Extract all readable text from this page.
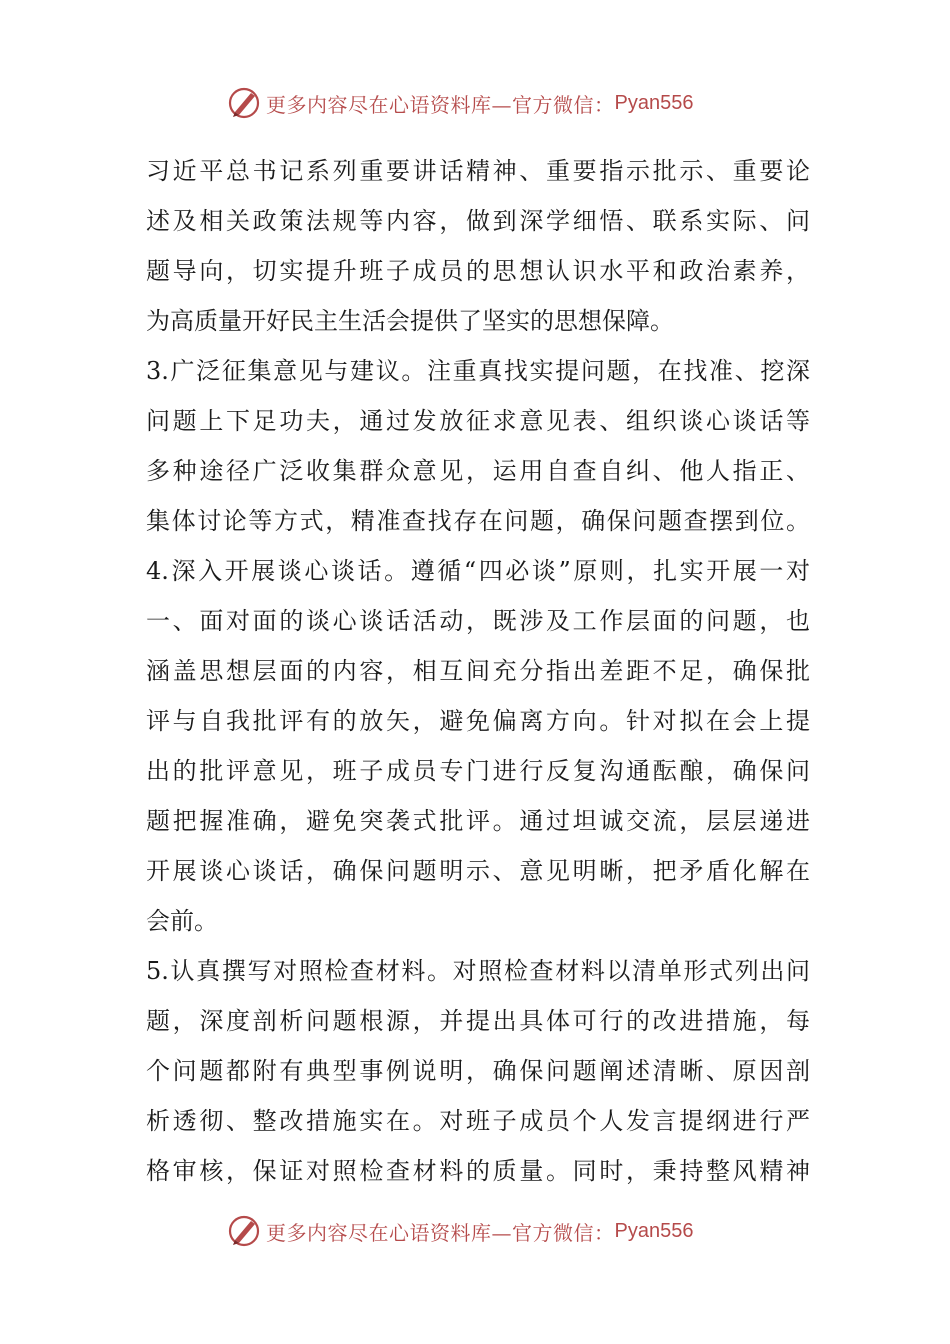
更多内容尽在心语资料库—官方微信： Pyan556
习近平总书记系列重要讲话精神、重要指示批示、重要论
述及相关政策法规等内容，做到深学细悟、联系实际、问
题导向，切实提升班子成员的思想认识水平和政治素养，
为高质量开好民主生活会提供了坚实的思想保障。
3.广泛征集意见与建议。注重真找实提问题，在找准、挖深
问题上下足功夫，通过发放征求意见表、组织谈心谈话等
多种途径广泛收集群众意见，运用自查自纠、他人指正、
集体讨论等方式，精准查找存在问题，确保问题查摆到位。
4.深入开展谈心谈话。遵循“四必谈”原则，扎实开展一对
一、面对面的谈心谈话活动，既涉及工作层面的问题，也
涵盖思想层面的内容，相互间充分指出差距不足，确保批
评与自我批评有的放矢，避免偏离方向。针对拟在会上提
出的批评意见，班子成员专门进行反复沟通酝酿，确保问
题把握准确，避免突袭式批评。通过坦诚交流，层层递进
开展谈心谈话，确保问题明示、意见明晰，把矛盾化解在
会前。
5.认真撰写对照检查材料。对照检查材料以清单形式列出问
题，深度剖析问题根源，并提出具体可行的改进措施，每
个问题都附有典型事例说明，确保问题阐述清晰、原因剖
析透彻、整改措施实在。对班子成员个人发言提纲进行严
格审核，保证对照检查材料的质量。同时，秉持整风精神
更多内容尽在心语资料库—官方微信： Pyan556
